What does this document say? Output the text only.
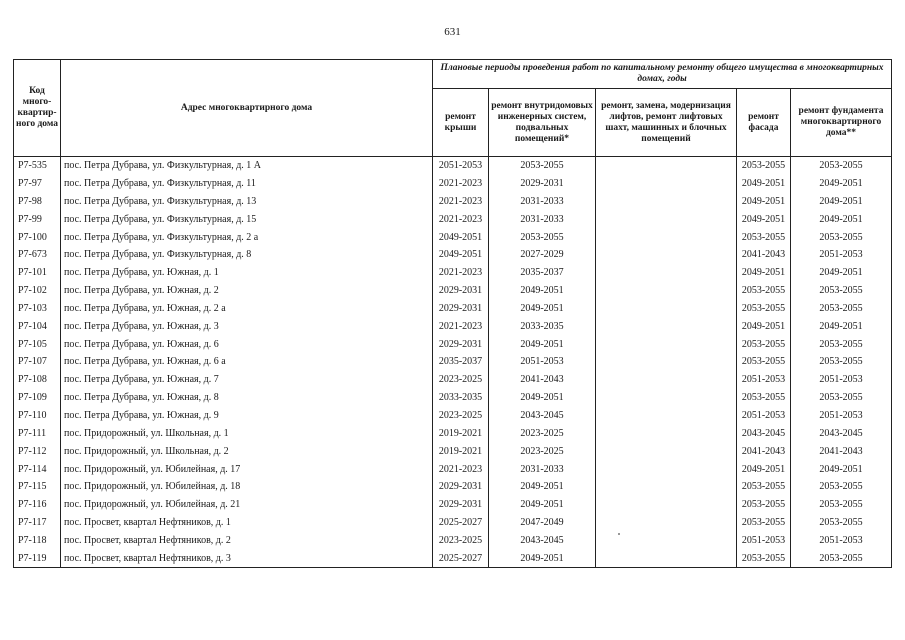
631
Код много-квартир-ного дома	Адрес многоквартирного дома	Плановые периоды проведения работ по капитальному ремонту общего имущества в многоквартирных домах, годы				
		ремонт крыши	ремонт внутридомовых инженерных систем, подвальных помещений*	ремонт, замена, модернизация лифтов, ремонт лифтовых шахт, машинных и блочных помещений	ремонт фасада	ремонт фундамента многоквартирного дома**
Р7-535	пос. Петра Дубрава, ул. Физкультурная, д. 1 А	2051-2053	2053-2055		2053-2055	2053-2055
Р7-97	пос. Петра Дубрава, ул. Физкультурная, д. 11	2021-2023	2029-2031		2049-2051	2049-2051
Р7-98	пос. Петра Дубрава, ул. Физкультурная, д. 13	2021-2023	2031-2033		2049-2051	2049-2051
Р7-99	пос. Петра Дубрава, ул. Физкультурная, д. 15	2021-2023	2031-2033		2049-2051	2049-2051
Р7-100	пос. Петра Дубрава, ул. Физкультурная, д. 2 а	2049-2051	2053-2055		2053-2055	2053-2055
Р7-673	пос. Петра Дубрава, ул. Физкультурная, д. 8	2049-2051	2027-2029		2041-2043	2051-2053
Р7-101	пос. Петра Дубрава, ул. Южная, д. 1	2021-2023	2035-2037		2049-2051	2049-2051
Р7-102	пос. Петра Дубрава, ул. Южная, д. 2	2029-2031	2049-2051		2053-2055	2053-2055
Р7-103	пос. Петра Дубрава, ул. Южная, д. 2 а	2029-2031	2049-2051		2053-2055	2053-2055
Р7-104	пос. Петра Дубрава, ул. Южная, д. 3	2021-2023	2033-2035		2049-2051	2049-2051
Р7-105	пос. Петра Дубрава, ул. Южная, д. 6	2029-2031	2049-2051		2053-2055	2053-2055
Р7-107	пос. Петра Дубрава, ул. Южная, д. 6 а	2035-2037	2051-2053		2053-2055	2053-2055
Р7-108	пос. Петра Дубрава, ул. Южная, д. 7	2023-2025	2041-2043		2051-2053	2051-2053
Р7-109	пос. Петра Дубрава, ул. Южная, д. 8	2033-2035	2049-2051		2053-2055	2053-2055
Р7-110	пос. Петра Дубрава, ул. Южная, д. 9	2023-2025	2043-2045		2051-2053	2051-2053
Р7-111	пос. Придорожный, ул. Школьная, д. 1	2019-2021	2023-2025		2043-2045	2043-2045
Р7-112	пос. Придорожный, ул. Школьная, д. 2	2019-2021	2023-2025		2041-2043	2041-2043
Р7-114	пос. Придорожный, ул. Юбилейная, д. 17	2021-2023	2031-2033		2049-2051	2049-2051
Р7-115	пос. Придорожный, ул. Юбилейная, д. 18	2029-2031	2049-2051		2053-2055	2053-2055
Р7-116	пос. Придорожный, ул. Юбилейная, д. 21	2029-2031	2049-2051		2053-2055	2053-2055
Р7-117	пос. Просвет, квартал Нефтяников, д. 1	2025-2027	2047-2049		2053-2055	2053-2055
Р7-118	пос. Просвет, квартал Нефтяников, д. 2	2023-2025	2043-2045		2051-2053	2051-2053
Р7-119	пос. Просвет, квартал Нефтяников, д. 3	2025-2027	2049-2051		2053-2055	2053-2055
